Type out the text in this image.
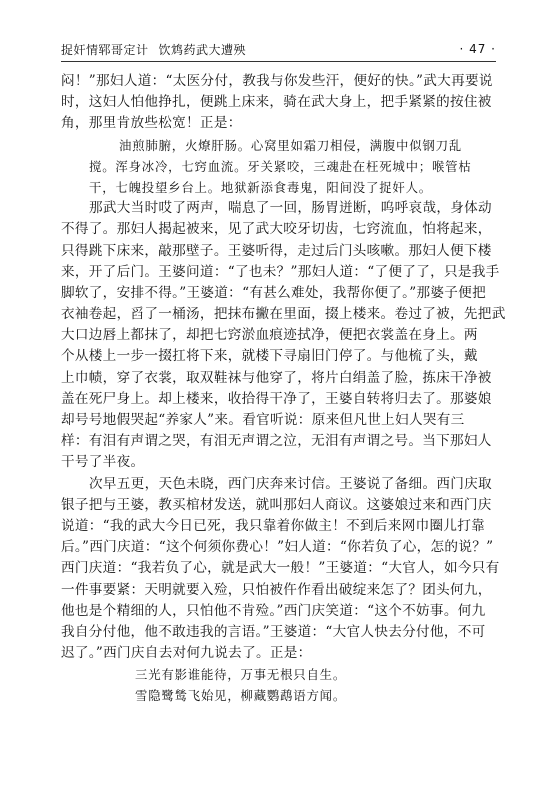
捉奸情郓哥定计 饮鸩药武大遭殃	· 47 ·
闷！”那妇人道：“太医分付，教我与你发些汗，便好的快。”武大再要说
时，这妇人怕他挣扎，便跳上床来，骑在武大身上，把手紧紧的按住被
角，那里肯放些松宽！正是：
油煎肺腑，火燎肝肠。心窝里如霜刀相侵，满腹中似钢刀乱
搅。浑身冰冷，七窍血流。牙关紧咬，三魂赴在枉死城中；喉管枯
干，七魄投望乡台上。地狱新添食毒鬼，阳间没了捉奸人。
那武大当时哎了两声，喘息了一回，肠胃迸断，呜呼哀哉，身体动
不得了。那妇人揭起被来，见了武大咬牙切齿，七窍流血，怕将起来，
只得跳下床来，敲那壁子。王婆听得，走过后门头咳嗽。那妇人便下楼
来，开了后门。王婆问道：“了也未？”那妇人道：“了便了了，只是我手
脚软了，安排不得。”王婆道：“有甚么难处，我帮你便了。”那婆子便把
衣袖卷起，舀了一桶汤，把抹布撇在里面，掇上楼来。卷过了被，先把武
大口边唇上都抹了，却把七窍淤血痕迹拭净，便把衣裳盖在身上。两
个从楼上一步一掇扛将下来，就楼下寻扇旧门停了。与他梳了头，戴
上巾帻，穿了衣裳，取双鞋袜与他穿了，将片白绢盖了脸，拣床干净被
盖在死尸身上。却上楼来，收拾得干净了，王婆自转将归去了。那婆娘
却号号地假哭起“养家人”来。看官听说：原来但凡世上妇人哭有三
样：有泪有声谓之哭，有泪无声谓之泣，无泪有声谓之号。当下那妇人
干号了半夜。
次早五更，天色未晓，西门庆奔来讨信。王婆说了备细。西门庆取
银子把与王婆，教买棺材发送，就叫那妇人商议。这婆娘过来和西门庆
说道：“我的武大今日已死，我只靠着你做主！不到后来网巾圈儿打靠
后。”西门庆道：“这个何须你费心！”妇人道：“你若负了心，怎的说？”
西门庆道：“我若负了心，就是武大一般！”王婆道：“大官人，如今只有
一件事要紧：天明就要入殓，只怕被仵作看出破绽来怎了？团头何九，
他也是个精细的人，只怕他不肯殓。”西门庆笑道：“这个不妨事。何九
我自分付他，他不敢违我的言语。”王婆道：“大官人快去分付他，不可
迟了。”西门庆自去对何九说去了。正是：
三光有影谁能待，万事无根只自生。
雪隐鹭鸶飞始见，柳藏鹦鹉语方闻。
